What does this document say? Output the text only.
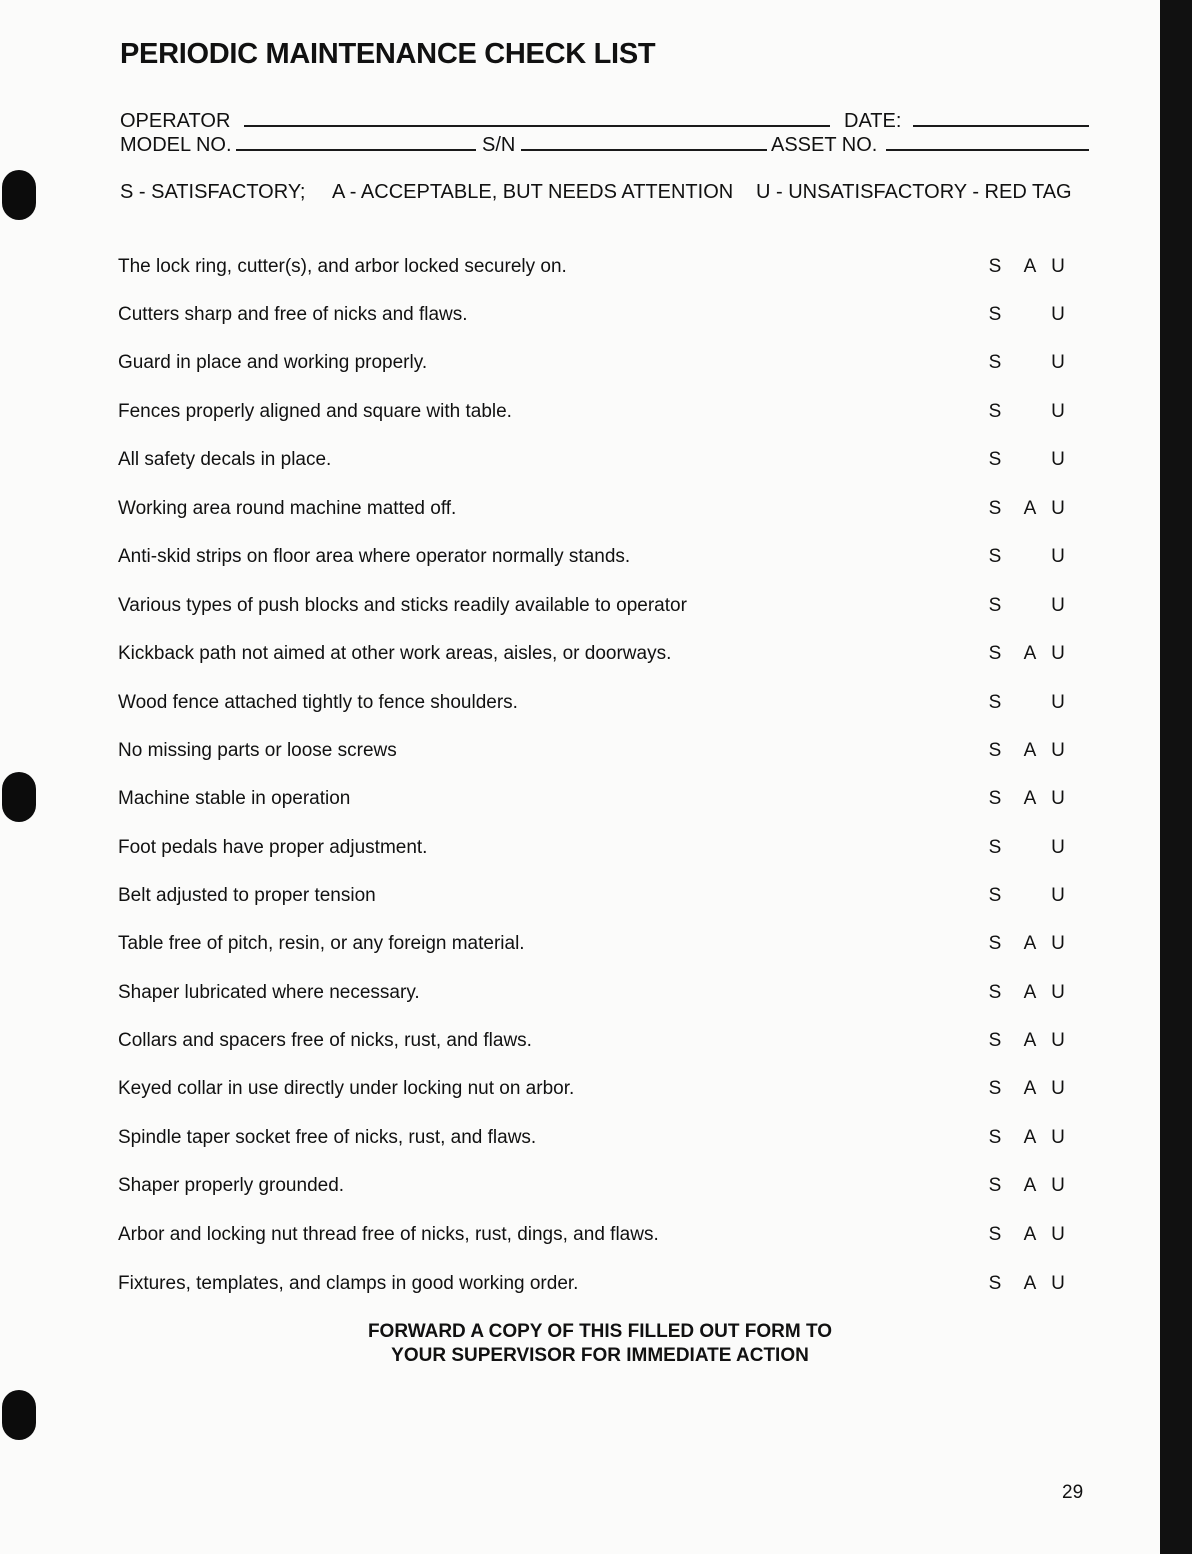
PERIODIC MAINTENANCE CHECK LIST
OPERATOR	DATE:
MODEL NO.	S/N	ASSET NO.
S - SATISFACTORY; A - ACCEPTABLE, BUT NEEDS ATTENTION U - UNSATISFACTORY - RED TAG
The lock ring, cutter(s), and arbor locked securely on.	S A U
Cutters sharp and free of nicks and flaws.	S	U
Guard in place and working properly.	S	U
Fences properly aligned and square with table.	S	U
All safety decals in place.	S	U
Working area round machine matted off.	S A U
Anti-skid strips on floor area where operator normally stands.	S	U
Various types of push blocks and sticks readily available to operator	S	U
Kickback path not aimed at other work areas, aisles, or doorways.	S A U
Wood fence attached tightly to fence shoulders.	S	U
No missing parts or loose screws	S A U
Machine stable in operation	S A U
Foot pedals have proper adjustment.	S	U
Belt adjusted to proper tension	S	U
Table free of pitch, resin, or any foreign material.	S A U
Shaper lubricated where necessary.	S A U
Collars and spacers free of nicks, rust, and flaws.	S A U
Keyed collar in use directly under locking nut on arbor.	S A U
Spindle taper socket free of nicks, rust, and flaws.	S A U
Shaper properly grounded.	S A U
Arbor and locking nut thread free of nicks, rust, dings, and flaws.	S A U
Fixtures, templates, and clamps in good working order.	S A U
FORWARD A COPY OF THIS FILLED OUT FORM TO
YOUR SUPERVISOR FOR IMMEDIATE ACTION
29
